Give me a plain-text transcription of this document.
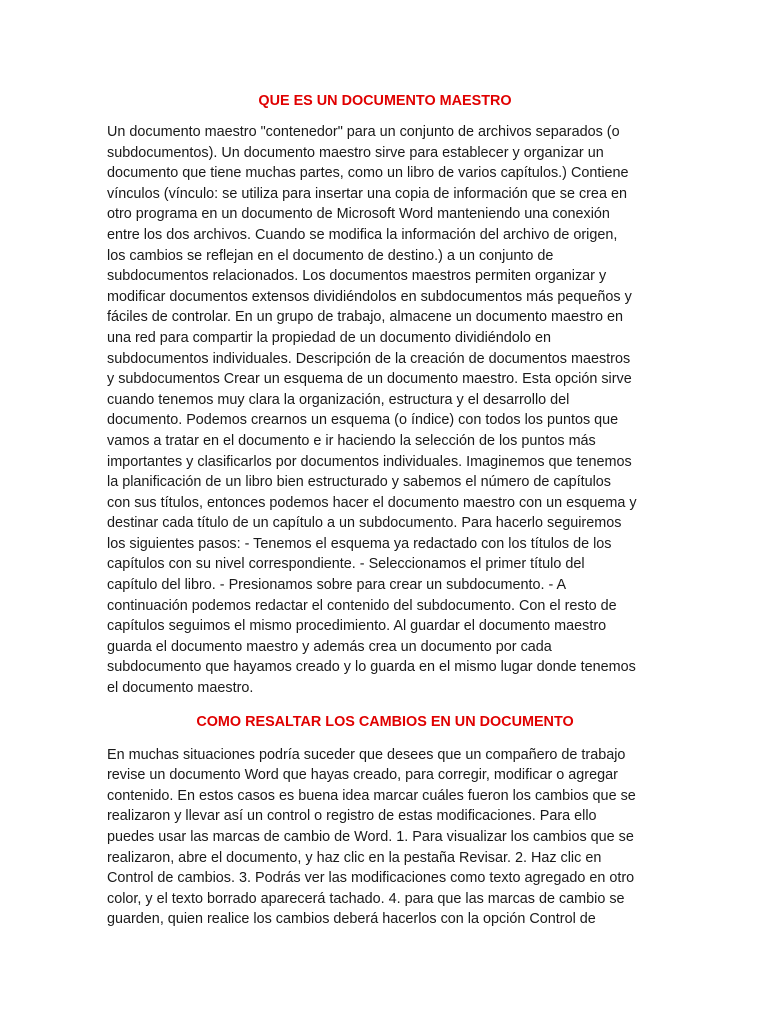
QUE ES UN DOCUMENTO MAESTRO

Un documento maestro "contenedor" para un conjunto de archivos separados (o
subdocumentos). Un documento maestro sirve para establecer y organizar un
documento que tiene muchas partes, como un libro de varios capítulos.) Contiene
vínculos (vínculo: se utiliza para insertar una copia de información que se crea en
otro programa en un documento de Microsoft Word manteniendo una conexión
entre los dos archivos. Cuando se modifica la información del archivo de origen,
los cambios se reflejan en el documento de destino.) a un conjunto de
subdocumentos relacionados. Los documentos maestros permiten organizar y
modificar documentos extensos dividiéndolos en subdocumentos más pequeños y
fáciles de controlar. En un grupo de trabajo, almacene un documento maestro en
una red para compartir la propiedad de un documento dividiéndolo en
subdocumentos individuales. Descripción de la creación de documentos maestros
y subdocumentos Crear un esquema de un documento maestro. Esta opción sirve
cuando tenemos muy clara la organización, estructura y el desarrollo del
documento. Podemos crearnos un esquema (o índice) con todos los puntos que
vamos a tratar en el documento e ir haciendo la selección de los puntos más
importantes y clasificarlos por documentos individuales. Imaginemos que tenemos
la planificación de un libro bien estructurado y sabemos el número de capítulos
con sus títulos, entonces podemos hacer el documento maestro con un esquema y
destinar cada título de un capítulo a un subdocumento. Para hacerlo seguiremos
los siguientes pasos: - Tenemos el esquema ya redactado con los títulos de los
capítulos con su nivel correspondiente. - Seleccionamos el primer título del
capítulo del libro. - Presionamos sobre para crear un subdocumento. - A
continuación podemos redactar el contenido del subdocumento. Con el resto de
capítulos seguimos el mismo procedimiento. Al guardar el documento maestro
guarda el documento maestro y además crea un documento por cada
subdocumento que hayamos creado y lo guarda en el mismo lugar donde tenemos
el documento maestro.

COMO RESALTAR LOS CAMBIOS EN UN DOCUMENTO

En muchas situaciones podría suceder que desees que un compañero de trabajo
revise un documento Word que hayas creado, para corregir, modificar o agregar
contenido. En estos casos es buena idea marcar cuáles fueron los cambios que se
realizaron y llevar así un control o registro de estas modificaciones. Para ello
puedes usar las marcas de cambio de Word. 1. Para visualizar los cambios que se
realizaron, abre el documento, y haz clic en la pestaña Revisar. 2. Haz clic en
Control de cambios. 3. Podrás ver las modificaciones como texto agregado en otro
color, y el texto borrado aparecerá tachado. 4. para que las marcas de cambio se
guarden, quien realice los cambios deberá hacerlos con la opción Control de
